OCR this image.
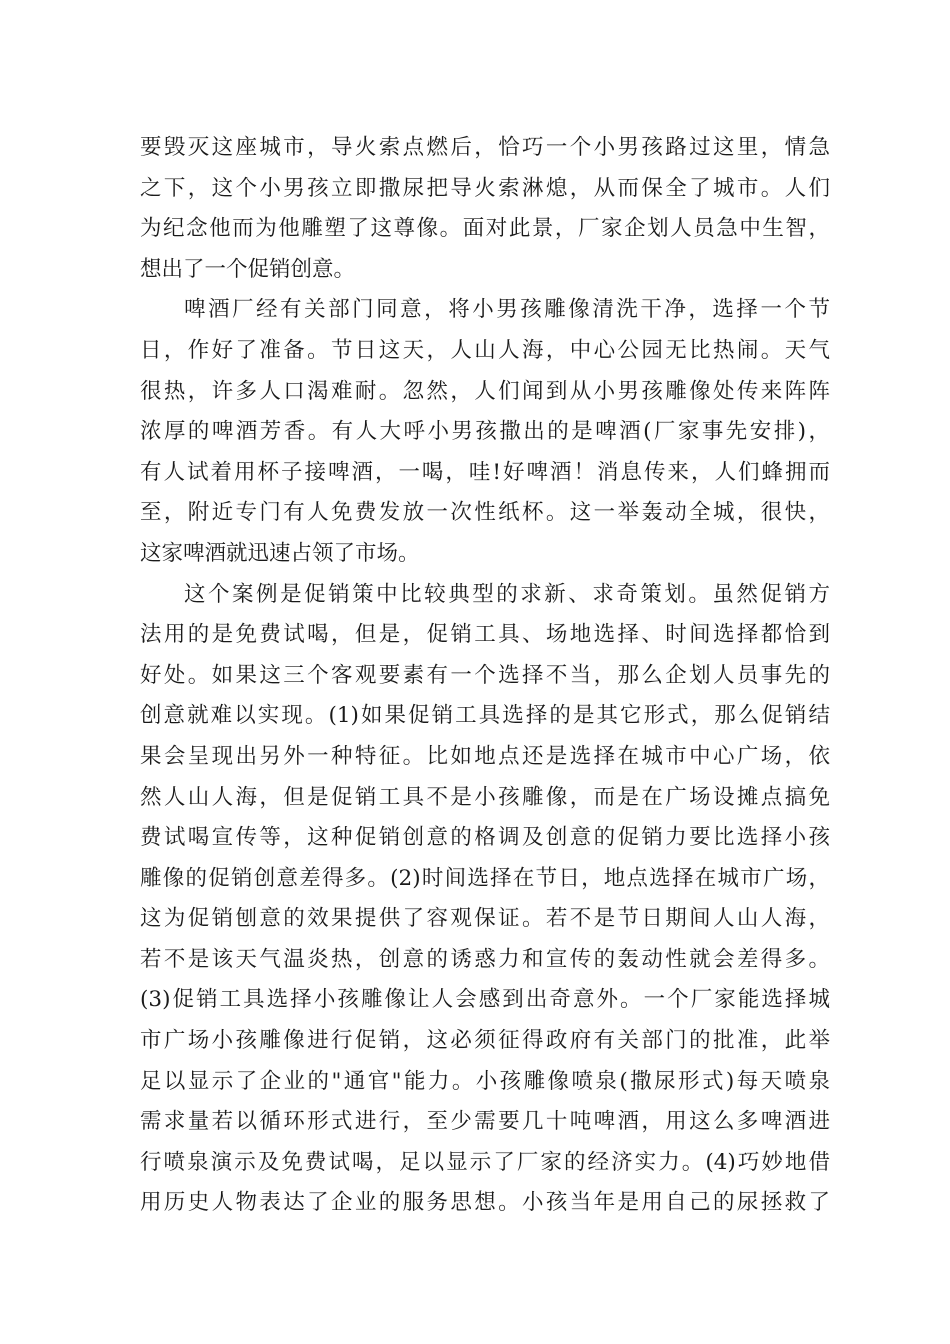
要毁灭这座城市，导火索点燃后，恰巧一个小男孩路过这里，情急
之下，这个小男孩立即撒尿把导火索淋熄，从而保全了城市。人们
为纪念他而为他雕塑了这尊像。面对此景，厂家企划人员急中生智，
想出了一个促销创意。
啤酒厂经有关部门同意，将小男孩雕像清洗干净，选择一个节
日，作好了准备。节日这天，人山人海，中心公园无比热闹。天气
很热，许多人口渴难耐。忽然，人们闻到从小男孩雕像处传来阵阵
浓厚的啤酒芳香。有人大呼小男孩撒出的是啤酒(厂家事先安排)，
有人试着用杯子接啤酒，一喝，哇!好啤酒！消息传来，人们蜂拥而
至，附近专门有人免费发放一次性纸杯。这一举轰动全城，很快，
这家啤酒就迅速占领了市场。
这个案例是促销策中比较典型的求新、求奇策划。虽然促销方
法用的是免费试喝，但是，促销工具、场地选择、时间选择都恰到
好处。如果这三个客观要素有一个选择不当，那么企划人员事先的
创意就难以实现。(1)如果促销工具选择的是其它形式，那么促销结
果会呈现出另外一种特征。比如地点还是选择在城市中心广场，依
然人山人海，但是促销工具不是小孩雕像，而是在广场设摊点搞免
费试喝宣传等，这种促销创意的格调及创意的促销力要比选择小孩
雕像的促销创意差得多。(2)时间选择在节日，地点选择在城市广场，
这为促销刨意的效果提供了容观保证。若不是节日期间人山人海，
若不是该天气温炎热，创意的诱惑力和宣传的轰动性就会差得多。
(3)促销工具选择小孩雕像让人会感到出奇意外。一个厂家能选择城
市广场小孩雕像进行促销，这必须征得政府有关部门的批准，此举
足以显示了企业的"通官"能力。小孩雕像喷泉(撒尿形式)每天喷泉
需求量若以循环形式进行，至少需要几十吨啤酒，用这么多啤酒进
行喷泉演示及免费试喝，足以显示了厂家的经济实力。(4)巧妙地借
用历史人物表达了企业的服务思想。小孩当年是用自己的尿拯救了
